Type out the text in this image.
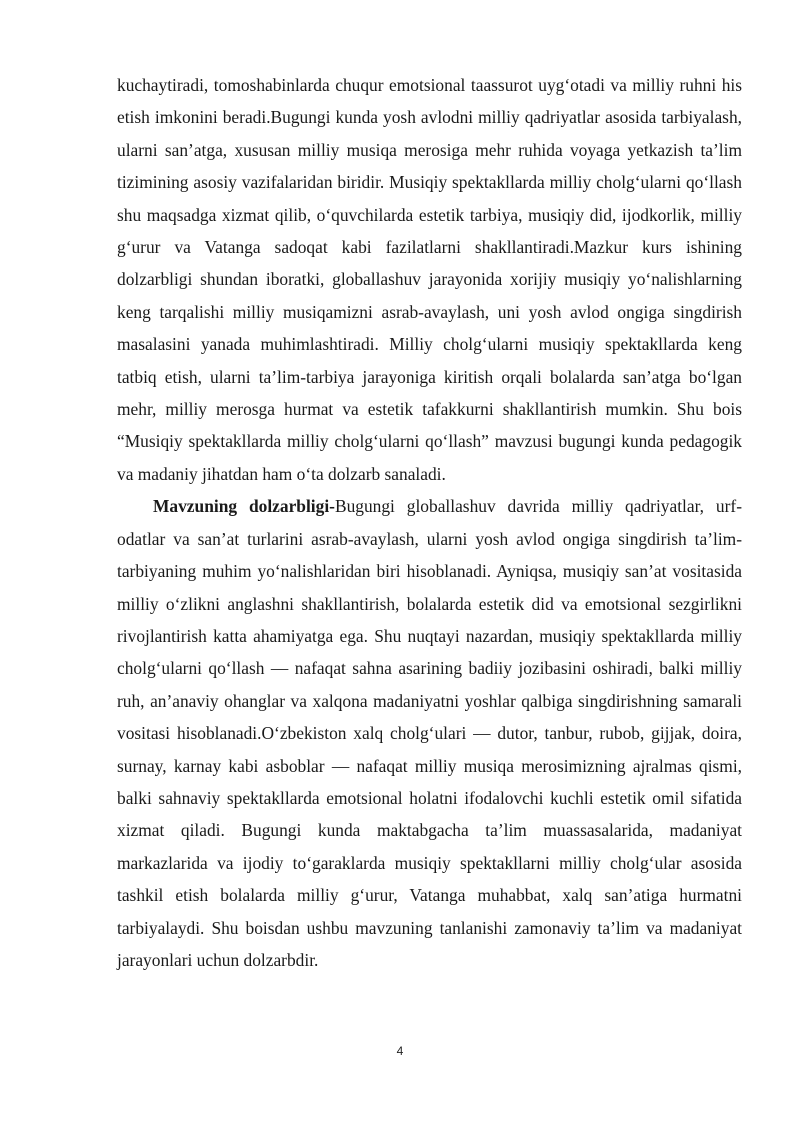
kuchaytiradi, tomoshabinlarda chuqur emotsional taassurot uyg‘otadi va milliy ruhni his etish imkonini beradi.Bugungi kunda yosh avlodni milliy qadriyatlar asosida tarbiyalash, ularni san’atga, xususan milliy musiqa merosiga mehr ruhida voyaga yetkazish ta’lim tizimining asosiy vazifalaridan biridir. Musiqiy spektakllarda milliy cholg‘ularni qo‘llash shu maqsadga xizmat qilib, o‘quvchilarda estetik tarbiya, musiqiy did, ijodkorlik, milliy g‘urur va Vatanga sadoqat kabi fazilatlarni shakllantiradi.Mazkur kurs ishining dolzarbligi shundan iboratki, globallashuv jarayonida xorijiy musiqiy yo‘nalishlarning keng tarqalishi milliy musiqamizni asrab-avaylash, uni yosh avlod ongiga singdirish masalasini yanada muhimlashtiradi. Milliy cholg‘ularni musiqiy spektakllarda keng tatbiq etish, ularni ta’lim-tarbiya jarayoniga kiritish orqali bolalarda san’atga bo‘lgan mehr, milliy merosga hurmat va estetik tafakkurni shakllantirish mumkin. Shu bois “Musiqiy spektakllarda milliy cholg‘ularni qo‘llash” mavzusi bugungi kunda pedagogik va madaniy jihatdan ham o‘ta dolzarb sanaladi.

Mavzuning dolzarbligi-Bugungi globallashuv davrida milliy qadriyatlar, urf-odatlar va san’at turlarini asrab-avaylash, ularni yosh avlod ongiga singdirish ta’lim-tarbiyaning muhim yo‘nalishlaridan biri hisoblanadi. Ayniqsa, musiqiy san’at vositasida milliy o‘zlikni anglashni shakllantirish, bolalarda estetik did va emotsional sezgirlikni rivojlantirish katta ahamiyatga ega. Shu nuqtayi nazardan, musiqiy spektakllarda milliy cholg‘ularni qo‘llash — nafaqat sahna asarining badiiy jozibasini oshiradi, balki milliy ruh, an’anaviy ohanglar va xalqona madaniyatni yoshlar qalbiga singdirishning samarali vositasi hisoblanadi.O‘zbekiston xalq cholg‘ulari — dutor, tanbur, rubob, gijjak, doira, surnay, karnay kabi asboblar — nafaqat milliy musiqa merosimizning ajralmas qismi, balki sahnaviy spektakllarda emotsional holatni ifodalovchi kuchli estetik omil sifatida xizmat qiladi. Bugungi kunda maktabgacha ta’lim muassasalarida, madaniyat markazlarida va ijodiy to‘garaklarda musiqiy spektakllarni milliy cholg‘ular asosida tashkil etish bolalarda milliy g‘urur, Vatanga muhabbat, xalq san’atiga hurmatni tarbiyalaydi. Shu boisdan ushbu mavzuning tanlanishi zamonaviy ta’lim va madaniyat jarayonlari uchun dolzarbdir.

4
